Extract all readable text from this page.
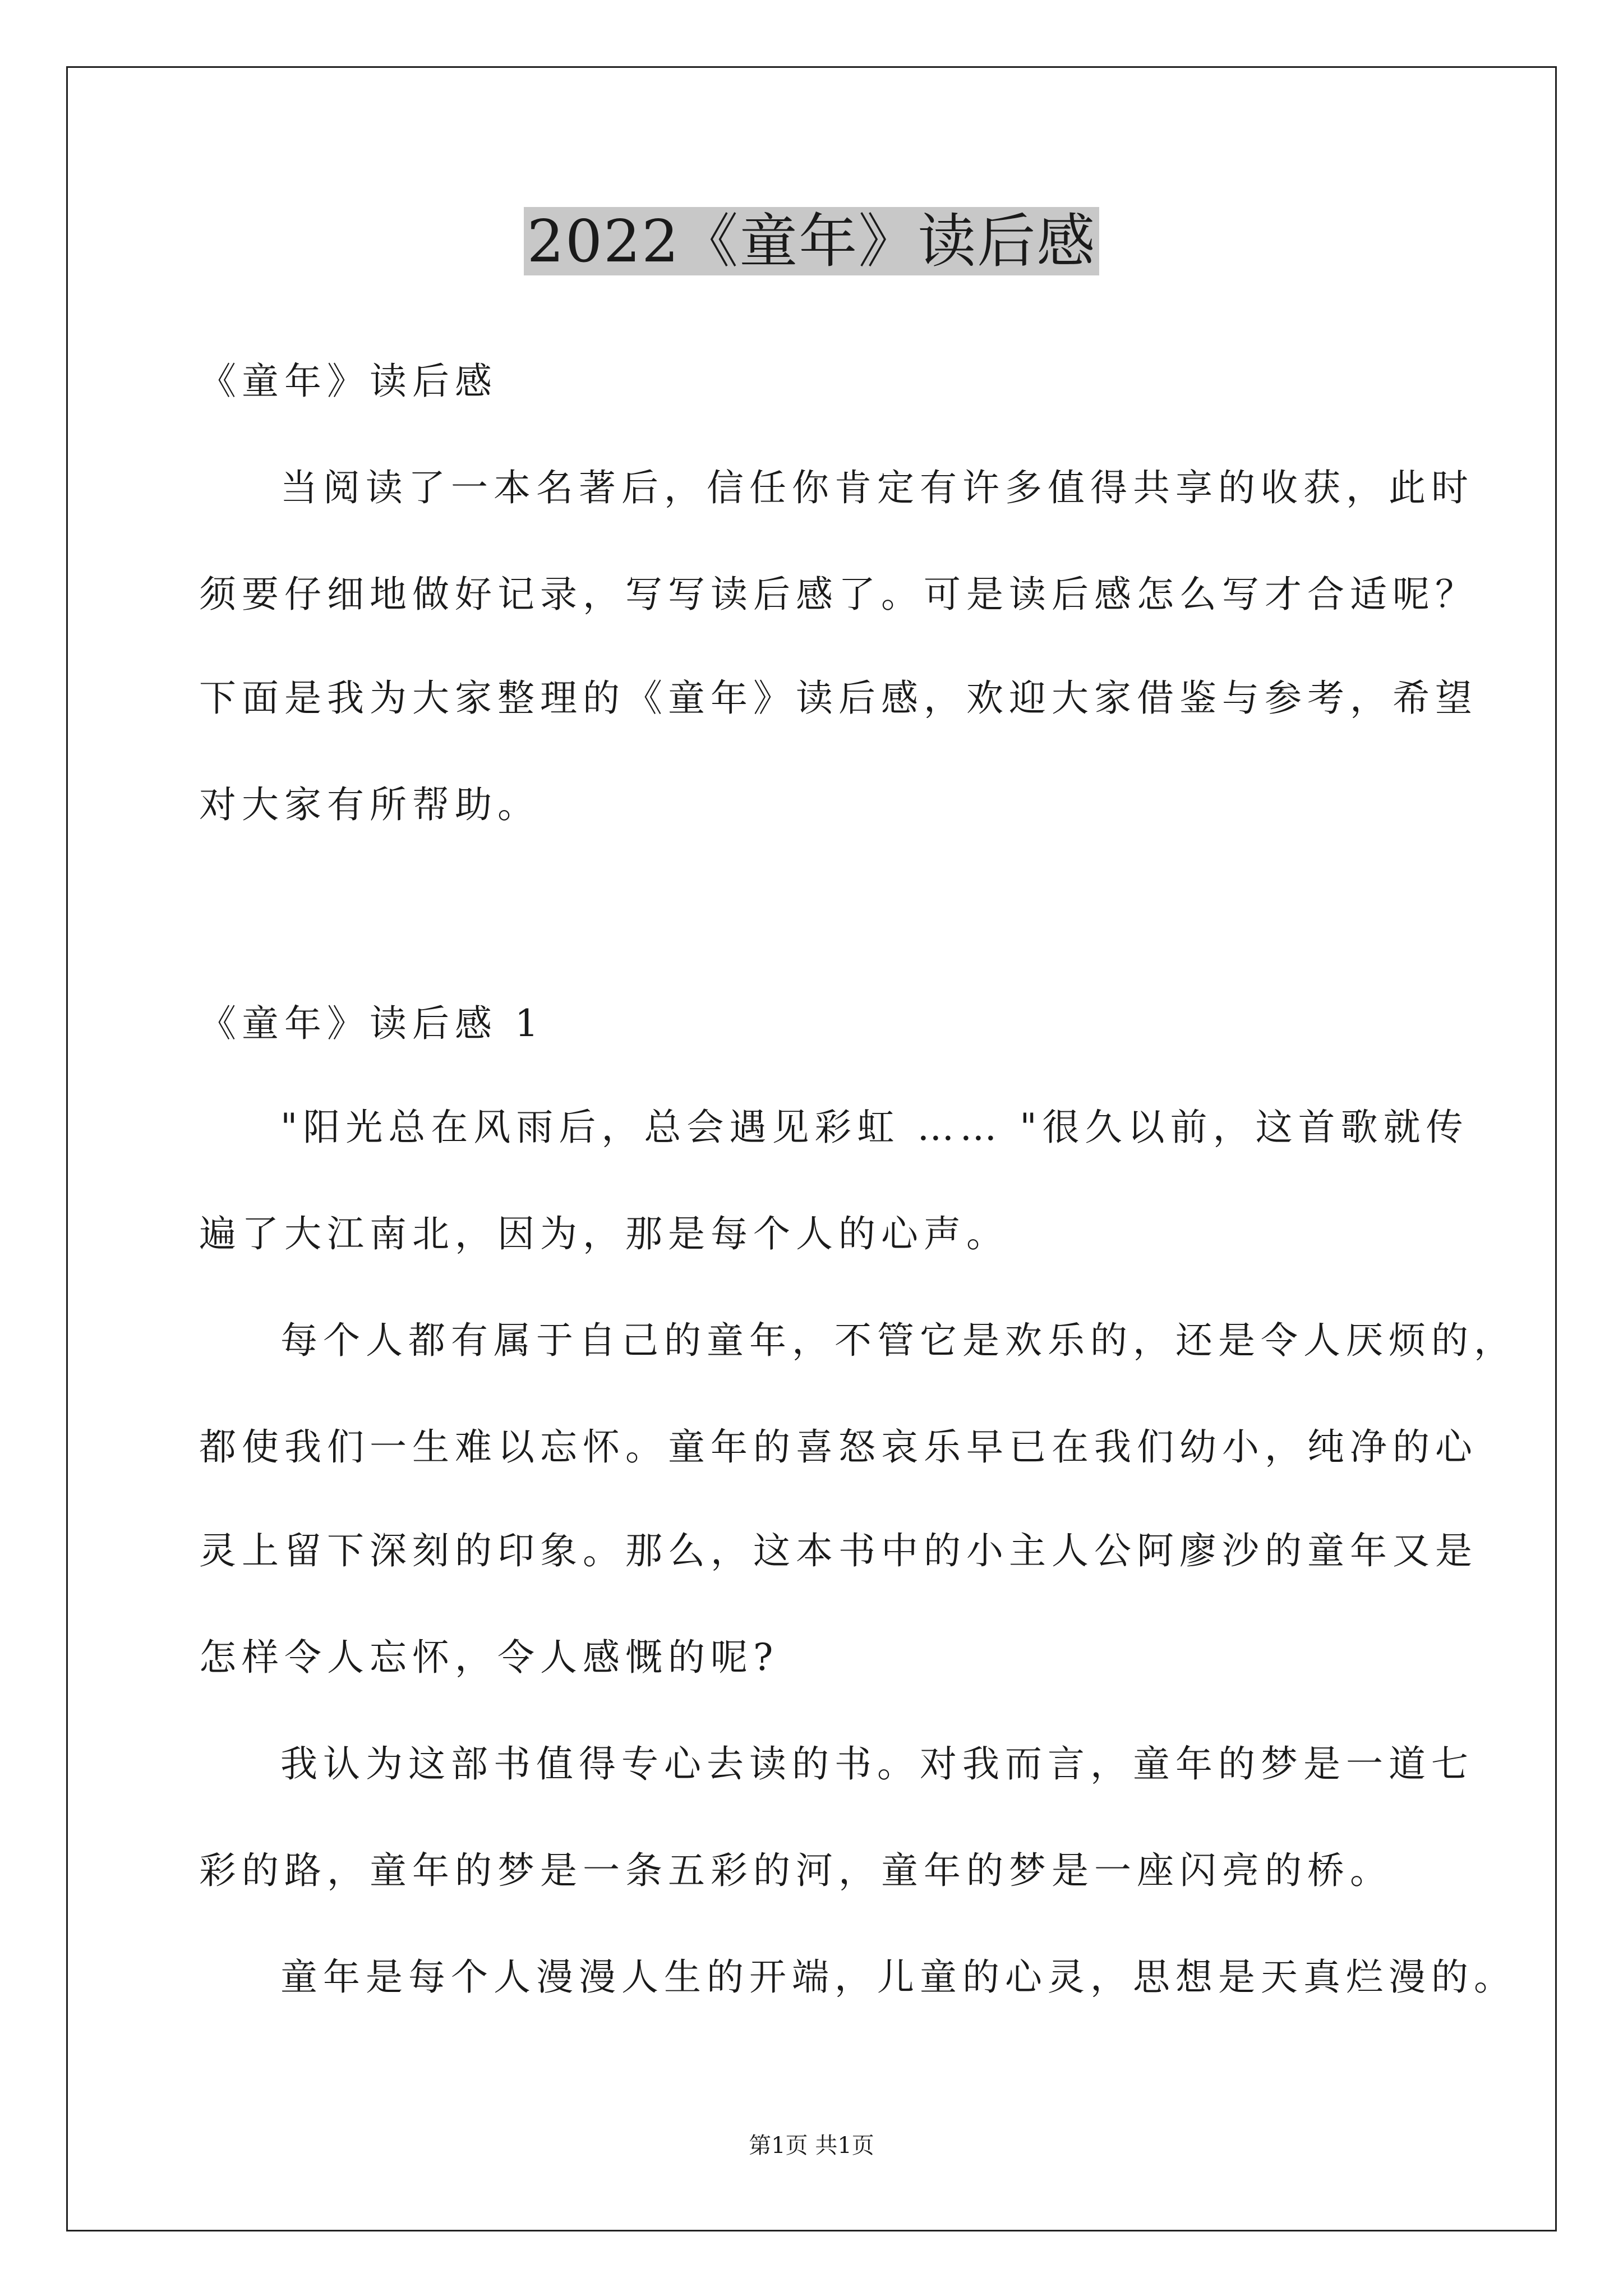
2022《童年》读后感
《童年》读后感
当阅读了一本名著后，信任你肯定有许多值得共享的收获，此时
须要仔细地做好记录，写写读后感了。可是读后感怎么写才合适呢？
下面是我为大家整理的《童年》读后感，欢迎大家借鉴与参考，希望
对大家有所帮助。
《童年》读后感 1
"阳光总在风雨后，总会遇见彩虹 …… "很久以前，这首歌就传
遍了大江南北，因为，那是每个人的心声。
每个人都有属于自己的童年，不管它是欢乐的，还是令人厌烦的，
都使我们一生难以忘怀。童年的喜怒哀乐早已在我们幼小，纯净的心
灵上留下深刻的印象。那么，这本书中的小主人公阿廖沙的童年又是
怎样令人忘怀，令人感慨的呢?
我认为这部书值得专心去读的书。对我而言，童年的梦是一道七
彩的路，童年的梦是一条五彩的河，童年的梦是一座闪亮的桥。
童年是每个人漫漫人生的开端，儿童的心灵，思想是天真烂漫的。
第1页 共1页
